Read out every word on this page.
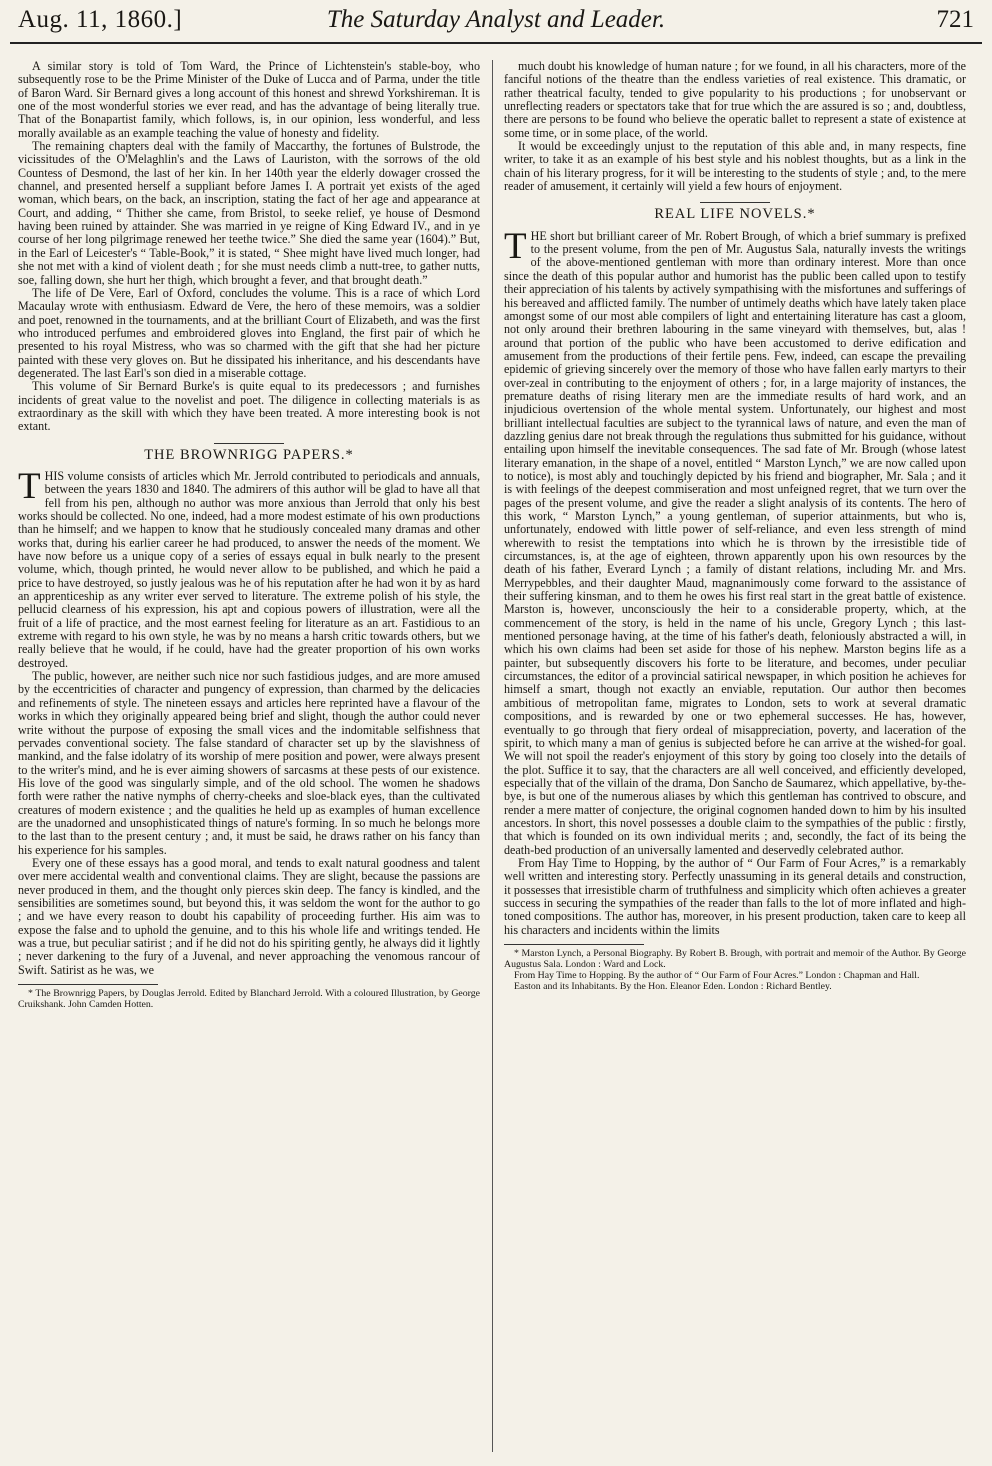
Aug. 11, 1860.]	The Saturday Analyst and Leader.	721

A similar story is told of Tom Ward, the Prince of Lichtenstein's stable-boy, who subsequently rose to be the Prime Minister of the Duke of Lucca and of Parma, under the title of Baron Ward. Sir Bernard gives a long account of this honest and shrewd Yorkshireman. It is one of the most wonderful stories we ever read, and has the advantage of being literally true. That of the Bonapartist family, which follows, is, in our opinion, less wonderful, and less morally available as an example teaching the value of honesty and fidelity.

The remaining chapters deal with the family of Maccarthy, the fortunes of Bulstrode, the vicissitudes of the O'Melaghlin's and the Laws of Lauriston, with the sorrows of the old Countess of Desmond, the last of her kin. In her 140th year the elderly dowager crossed the channel, and presented herself a suppliant before James I. A portrait yet exists of the aged woman, which bears, on the back, an inscription, stating the fact of her age and appearance at Court, and adding, “ Thither she came, from Bristol, to seeke relief, ye house of Desmond having been ruined by attainder. She was married in ye reigne of King Edward IV., and in ye course of her long pilgrimage renewed her teethe twice.” She died the same year (1604).” But, in the Earl of Leicester's “ Table-Book,” it is stated, “ Shee might have lived much longer, had she not met with a kind of violent death ; for she must needs climb a nutt-tree, to gather nutts, soe, falling down, she hurt her thigh, which brought a fever, and that brought death.”

The life of De Vere, Earl of Oxford, concludes the volume. This is a race of which Lord Macaulay wrote with enthusiasm. Edward de Vere, the hero of these memoirs, was a soldier and poet, renowned in the tournaments, and at the brilliant Court of Elizabeth, and was the first who introduced perfumes and embroidered gloves into England, the first pair of which he presented to his royal Mistress, who was so charmed with the gift that she had her picture painted with these very gloves on. But he dissipated his inheritance, and his descendants have degenerated. The last Earl's son died in a miserable cottage.

This volume of Sir Bernard Burke's is quite equal to its predecessors ; and furnishes incidents of great value to the novelist and poet. The diligence in collecting materials is as extraordinary as the skill with which they have been treated. A more interesting book is not extant.

THE BROWNRIGG PAPERS.*
T HIS volume consists of articles which Mr. Jerrold contributed to periodicals and annuals, between the years 1830 and 1840. The admirers of this author will be glad to have all that fell from his pen, although no author was more anxious than Jerrold that only his best works should be collected. No one, indeed, had a more modest estimate of his own productions than he himself; and we happen to know that he studiously concealed many dramas and other works that, during his earlier career he had produced, to answer the needs of the moment. We have now before us a unique copy of a series of essays equal in bulk nearly to the present volume, which, though printed, he would never allow to be published, and which he paid a price to have destroyed, so justly jealous was he of his reputation after he had won it by as hard an apprenticeship as any writer ever served to literature. The extreme polish of his style, the pellucid clearness of his expression, his apt and copious powers of illustration, were all the fruit of a life of practice, and the most earnest feeling for literature as an art. Fastidious to an extreme with regard to his own style, he was by no means a harsh critic towards others, but we really believe that he would, if he could, have had the greater proportion of his own works destroyed.

The public, however, are neither such nice nor such fastidious judges, and are more amused by the eccentricities of character and pungency of expression, than charmed by the delicacies and refinements of style. The nineteen essays and articles here reprinted have a flavour of the works in which they originally appeared being brief and slight, though the author could never write without the purpose of exposing the small vices and the indomitable selfishness that pervades conventional society. The false standard of character set up by the slavishness of mankind, and the false idolatry of its worship of mere position and power, were always present to the writer's mind, and he is ever aiming showers of sarcasms at these pests of our existence. His love of the good was singularly simple, and of the old school. The women he shadows forth were rather the native nymphs of cherry-cheeks and sloe-black eyes, than the cultivated creatures of modern existence ; and the qualities he held up as examples of human excellence are the unadorned and unsophisticated things of nature's forming. In so much he belongs more to the last than to the present century ; and, it must be said, he draws rather on his fancy than his experience for his samples.

Every one of these essays has a good moral, and tends to exalt natural goodness and talent over mere accidental wealth and conventional claims. They are slight, because the passions are never produced in them, and the thought only pierces skin deep. The fancy is kindled, and the sensibilities are sometimes sound, but beyond this, it was seldom the wont for the author to go ; and we have every reason to doubt his capability of proceeding further. His aim was to expose the false and to uphold the genuine, and to this his whole life and writings tended. He was a true, but peculiar satirist ; and if he did not do his spiriting gently, he always did it lightly ; never darkening to the fury of a Juvenal, and never approaching the venomous rancour of Swift. Satirist as he was, we

* The Brownrigg Papers, by Douglas Jerrold. Edited by Blanchard Jerrold. With a coloured Illustration, by George Cruikshank. John Camden Hotten.

much doubt his knowledge of human nature ; for we found, in all his characters, more of the fanciful notions of the theatre than the endless varieties of real existence. This dramatic, or rather theatrical faculty, tended to give popularity to his productions ; for unobservant or unreflecting readers or spectators take that for true which the are assured is so ; and, doubtless, there are persons to be found who believe the operatic ballet to represent a state of existence at some time, or in some place, of the world.

It would be exceedingly unjust to the reputation of this able and, in many respects, fine writer, to take it as an example of his best style and his noblest thoughts, but as a link in the chain of his literary progress, for it will be interesting to the students of style ; and, to the mere reader of amusement, it certainly will yield a few hours of enjoyment.

REAL LIFE NOVELS.*
T HE short but brilliant career of Mr. Robert Brough, of which a brief summary is prefixed to the present volume, from the pen of Mr. Augustus Sala, naturally invests the writings of the above-mentioned gentleman with more than ordinary interest. More than once since the death of this popular author and humorist has the public been called upon to testify their appreciation of his talents by actively sympathising with the misfortunes and sufferings of his bereaved and afflicted family. The number of untimely deaths which have lately taken place amongst some of our most able compilers of light and entertaining literature has cast a gloom, not only around their brethren labouring in the same vineyard with themselves, but, alas ! around that portion of the public who have been accustomed to derive edification and amusement from the productions of their fertile pens. Few, indeed, can escape the prevailing epidemic of grieving sincerely over the memory of those who have fallen early martyrs to their over-zeal in contributing to the enjoyment of others ; for, in a large majority of instances, the premature deaths of rising literary men are the immediate results of hard work, and an injudicious overtension of the whole mental system. Unfortunately, our highest and most brilliant intellectual faculties are subject to the tyrannical laws of nature, and even the man of dazzling genius dare not break through the regulations thus submitted for his guidance, without entailing upon himself the inevitable consequences. The sad fate of Mr. Brough (whose latest literary emanation, in the shape of a novel, entitled “ Marston Lynch,” we are now called upon to notice), is most ably and touchingly depicted by his friend and biographer, Mr. Sala ; and it is with feelings of the deepest commiseration and most unfeigned regret, that we turn over the pages of the present volume, and give the reader a slight analysis of its contents. The hero of this work, “ Marston Lynch,” a young gentleman, of superior attainments, but who is, unfortunately, endowed with little power of self-reliance, and even less strength of mind wherewith to resist the temptations into which he is thrown by the irresistible tide of circumstances, is, at the age of eighteen, thrown apparently upon his own resources by the death of his father, Everard Lynch ; a family of distant relations, including Mr. and Mrs. Merrypebbles, and their daughter Maud, magnanimously come forward to the assistance of their suffering kinsman, and to them he owes his first real start in the great battle of existence. Marston is, however, unconsciously the heir to a considerable property, which, at the commencement of the story, is held in the name of his uncle, Gregory Lynch ; this last-mentioned personage having, at the time of his father's death, feloniously abstracted a will, in which his own claims had been set aside for those of his nephew. Marston begins life as a painter, but subsequently discovers his forte to be literature, and becomes, under peculiar circumstances, the editor of a provincial satirical newspaper, in which position he achieves for himself a smart, though not exactly an enviable, reputation. Our author then becomes ambitious of metropolitan fame, migrates to London, sets to work at several dramatic compositions, and is rewarded by one or two ephemeral successes. He has, however, eventually to go through that fiery ordeal of misappreciation, poverty, and laceration of the spirit, to which many a man of genius is subjected before he can arrive at the wished-for goal. We will not spoil the reader's enjoyment of this story by going too closely into the details of the plot. Suffice it to say, that the characters are all well conceived, and efficiently developed, especially that of the villain of the drama, Don Sancho de Saumarez, which appellative, by-the-bye, is but one of the numerous aliases by which this gentleman has contrived to obscure, and render a mere matter of conjecture, the original cognomen handed down to him by his insulted ancestors. In short, this novel possesses a double claim to the sympathies of the public : firstly, that which is founded on its own individual merits ; and, secondly, the fact of its being the death-bed production of an universally lamented and deservedly celebrated author.

From Hay Time to Hopping, by the author of “ Our Farm of Four Acres,” is a remarkably well written and interesting story. Perfectly unassuming in its general details and construction, it possesses that irresistible charm of truthfulness and simplicity which often achieves a greater success in securing the sympathies of the reader than falls to the lot of more inflated and high-toned compositions. The author has, moreover, in his present production, taken care to keep all his characters and incidents within the limits

* Marston Lynch, a Personal Biography. By Robert B. Brough, with portrait and memoir of the Author. By George Augustus Sala. London : Ward and Lock.

From Hay Time to Hopping. By the author of “ Our Farm of Four Acres.” London : Chapman and Hall.

Easton and its Inhabitants. By the Hon. Eleanor Eden. London : Richard Bentley.
